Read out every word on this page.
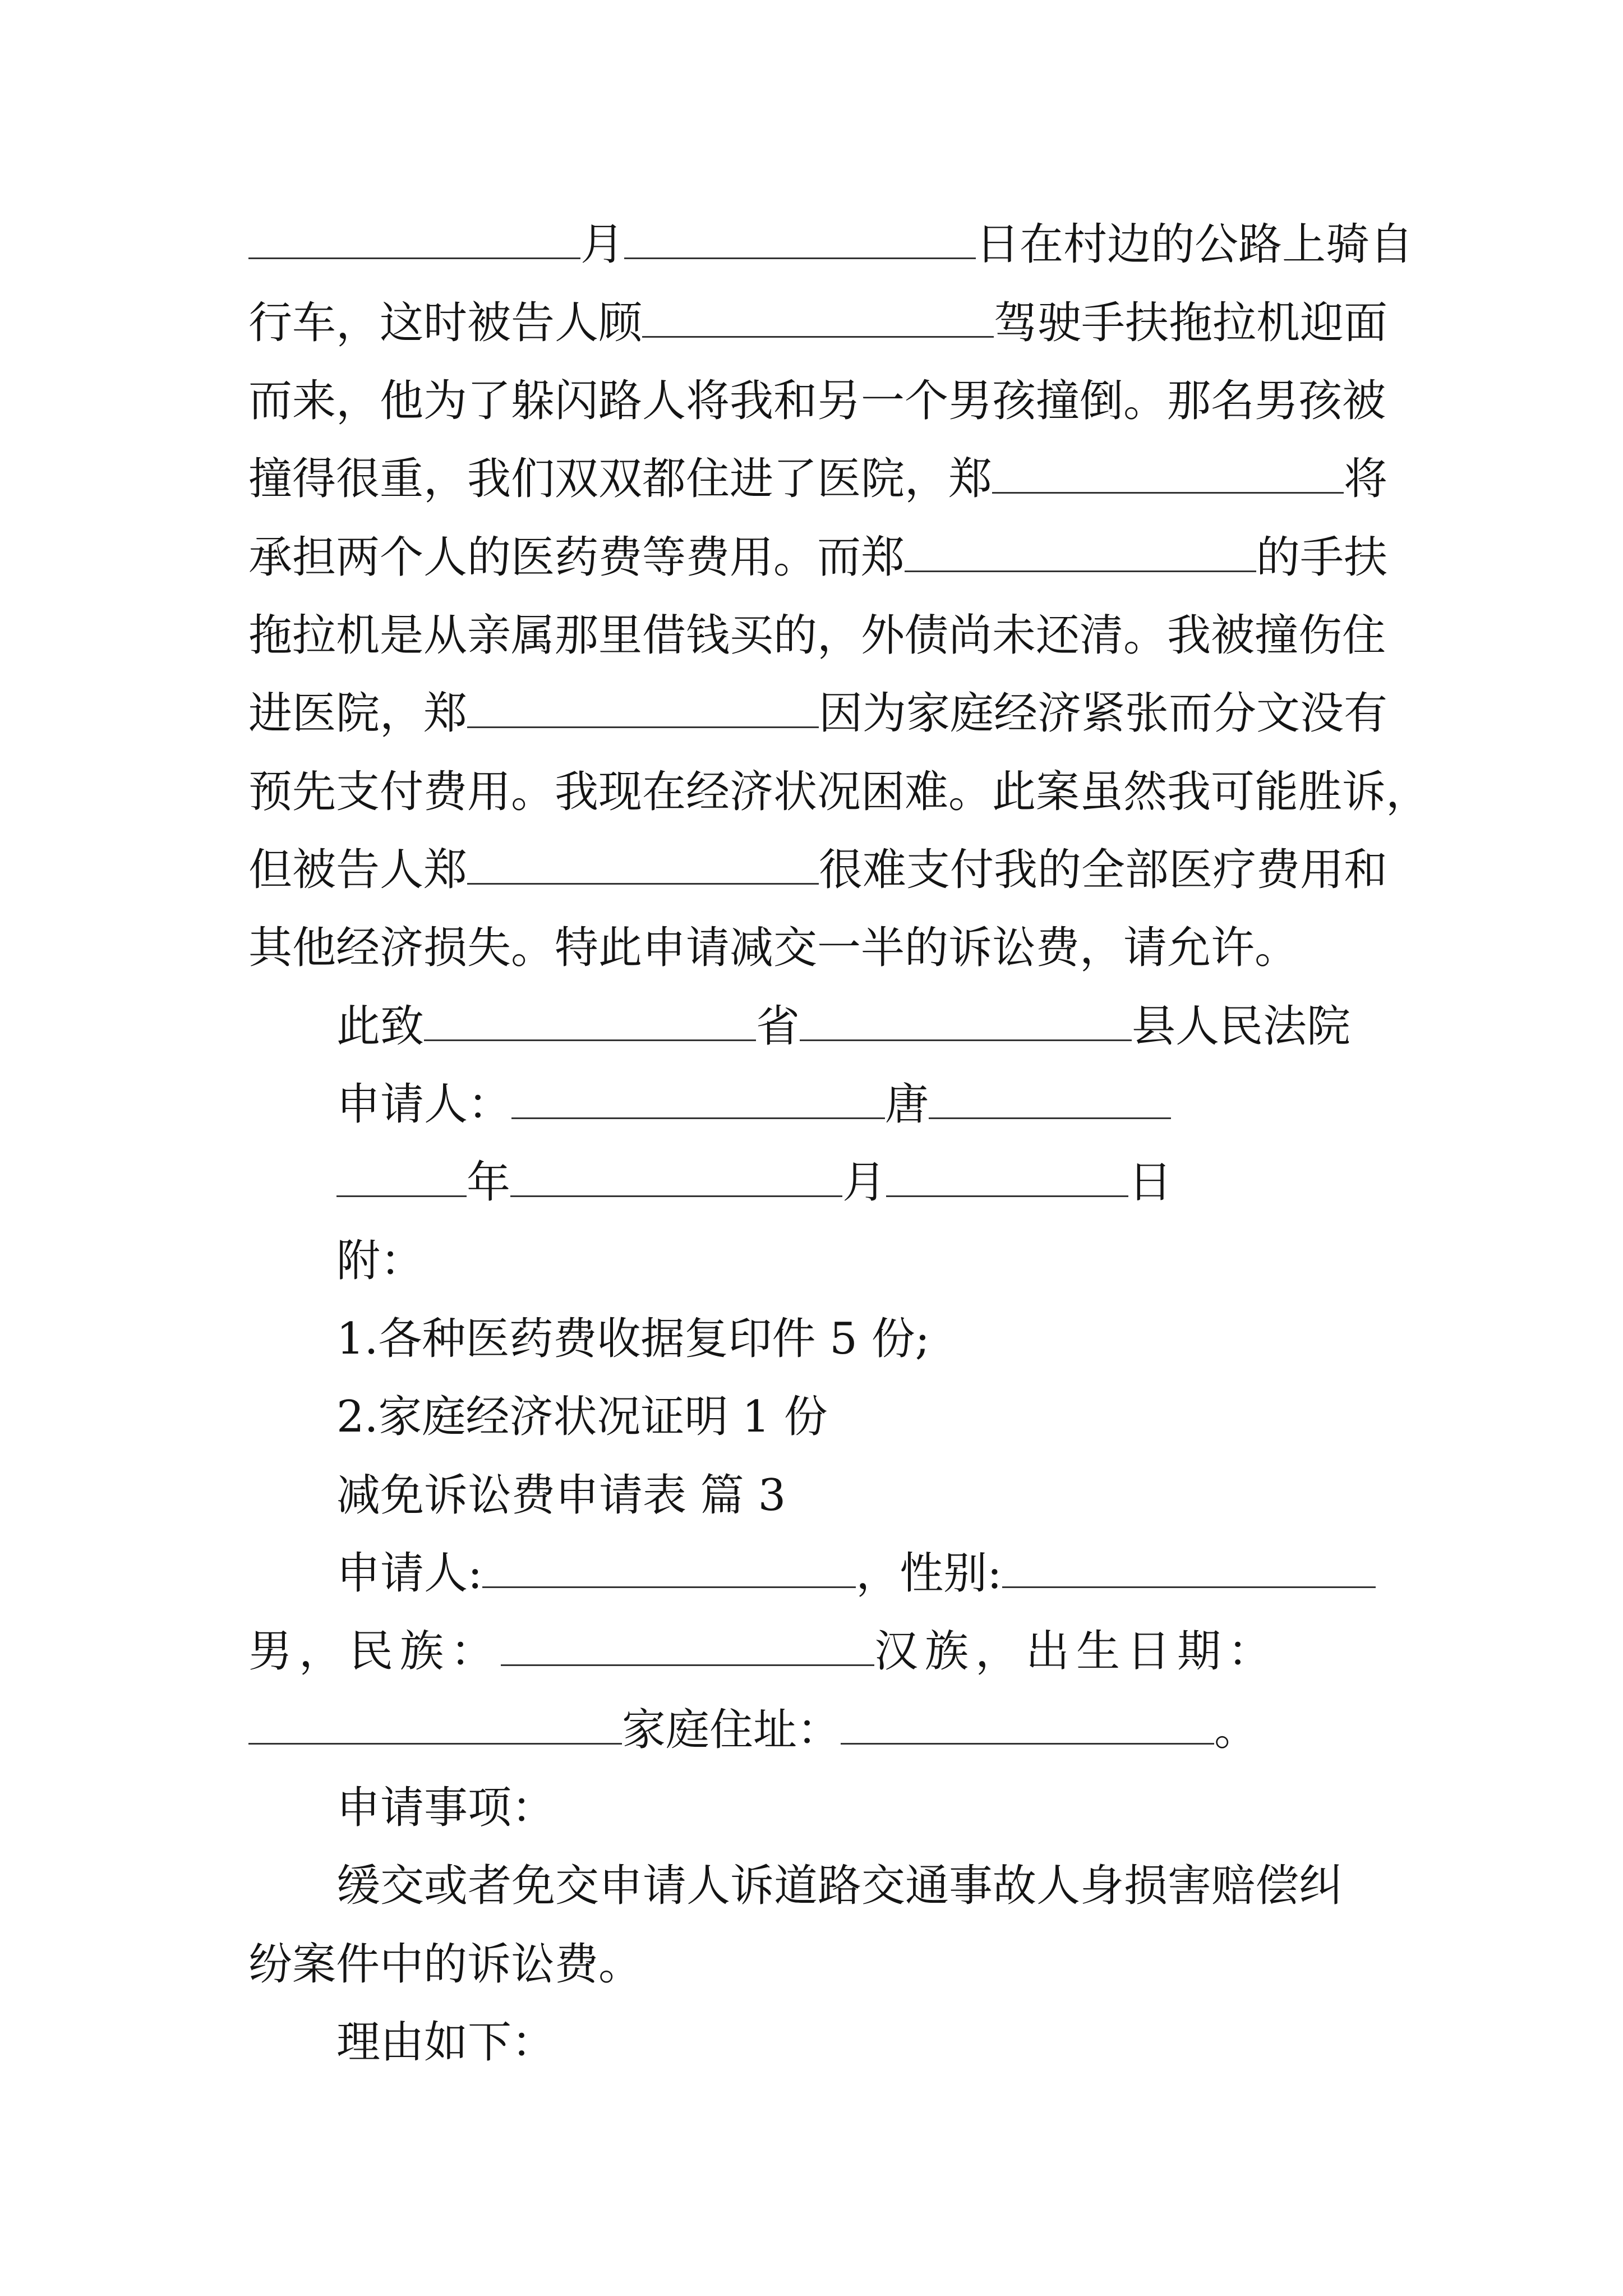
月	日在村边的公路上骑自
行车，这时被告人顾	驾驶手扶拖拉机迎面
而来，他为了躲闪路人将我和另一个男孩撞倒。那名男孩被
撞得很重，我们双双都住进了医院，郑	将
承担两个人的医药费等费用。而郑	的手扶
拖拉机是从亲属那里借钱买的，外债尚未还清。我被撞伤住
进医院，郑	因为家庭经济紧张而分文没有
预先支付费用。我现在经济状况困难。此案虽然我可能胜诉，
但被告人郑	很难支付我的全部医疗费用和
其他经济损失。特此申请减交一半的诉讼费，请允许。
此致	省	县人民法院
申请人：	唐
年	月	日
附：
1.各种医药费收据复印件 5 份;
2.家庭经济状况证明 1 份
减免诉讼费申请表 篇 3
申请人:	，性别:
男，民族：	汉族，出生日期：
家庭住址：	。
申请事项：
缓交或者免交申请人诉道路交通事故人身损害赔偿纠
纷案件中的诉讼费。
理由如下：
